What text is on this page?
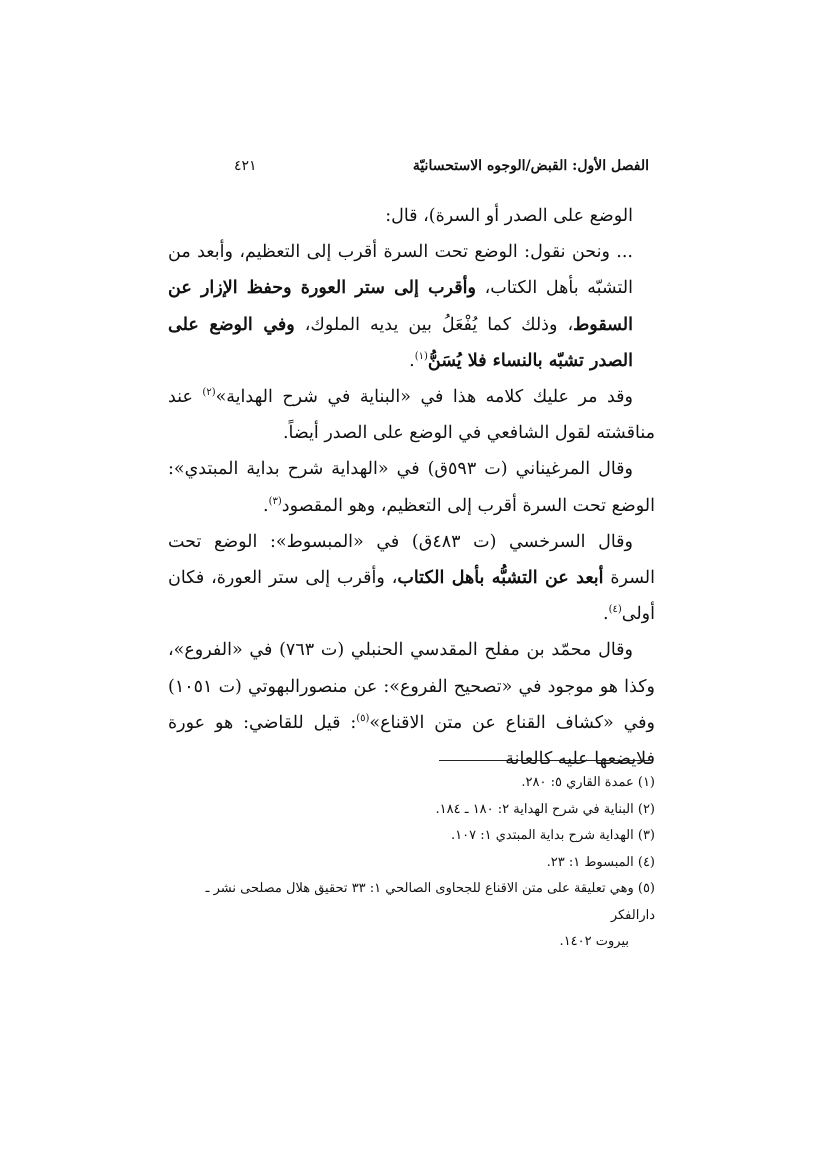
الفصل الأول: القبض/الوجوه الاستحسانيّة
٤٢١

الوضع على الصدر أو السرة)، قال:

... ونحن نقول: الوضع تحت السرة أقرب إلى التعظيم، وأبعد من التشبّه بأهل الكتاب، وأقرب إلى ستر العورة وحفظ الإزار عن السقوط، وذلك كما يُفْعَلُ بين يديه الملوك، وفي الوضع على الصدر تشبّه بالنساء فلا يُسَنُّ$^{(١)}$.

وقد مر عليك كلامه هذا في «البناية في شرح الهداية»$^{(٢)}$ عند مناقشته لقول الشافعي في الوضع على الصدر أيضاً.

وقال المرغيناني (ت ٥٩٣ق) في «الهداية شرح بداية المبتدي»: الوضع تحت السرة أقرب إلى التعظيم، وهو المقصود$^{(٣)}$.

وقال السرخسي (ت ٤٨٣ق) في «المبسوط»: الوضع تحت السرة أبعد عن التشبُّه بأهل الكتاب، وأقرب إلى ستر العورة، فكان أولى$^{(٤)}$.

وقال محمّد بن مفلح المقدسي الحنبلي (ت ٧٦٣) في «الفروع»، وكذا هو موجود في «تصحيح الفروع»: عن منصورالبهوتي (ت ١٠٥١) وفي «كشاف القناع عن متن الاقناع»$^{(٥)}$: قيل للقاضي: هو عورة فلايضعها عليه كالعانة

(١) عمدة القاري ٥: ٢٨٠.

(٢) البناية في شرح الهداية ٢: ١٨٠ ـ ١٨٤.

(٣) الهداية شرح بداية المبتدي ١: ١٠٧.

(٤) المبسوط ١: ٢٣.

(٥) وهي تعليقة على متن الاقناع للجحاوى الصالحي ١: ٣٣ تحقيق هلال مصلحى نشر ـ دارالفكر

بيروت ١٤٠٢.
